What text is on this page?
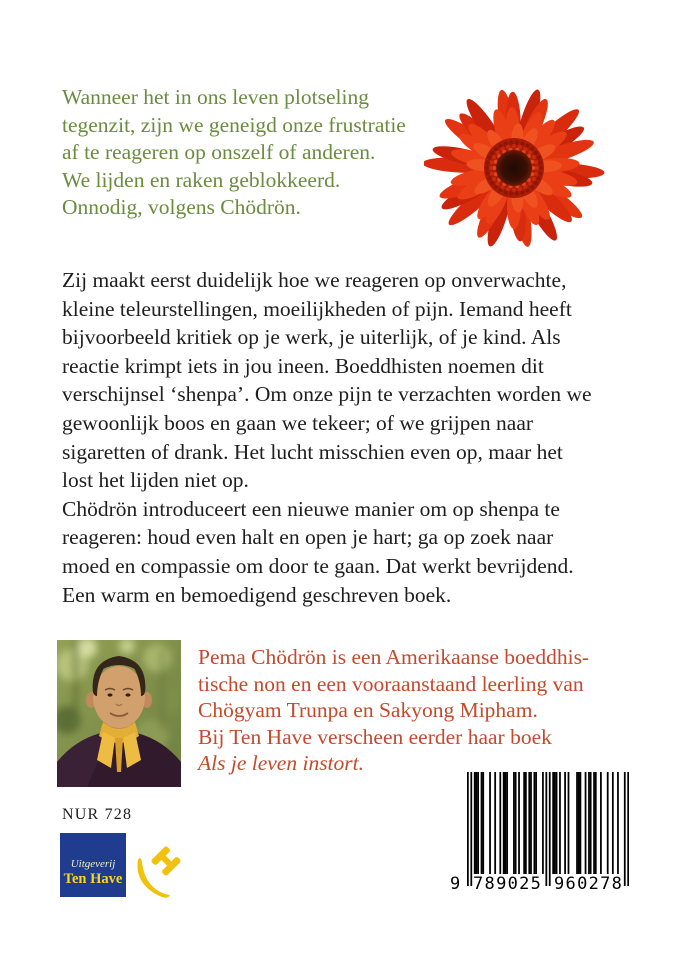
Wanneer het in ons leven plotseling
tegenzit, zijn we geneigd onze frustratie
af te reageren op onszelf of anderen.
We lijden en raken geblokkeerd.
Onnodig, volgens Chödrön.
Zij maakt eerst duidelijk hoe we reageren op onverwachte,
kleine teleurstellingen, moeilijkheden of pijn. Iemand heeft
bijvoorbeeld kritiek op je werk, je uiterlijk, of je kind. Als
reactie krimpt iets in jou ineen. Boeddhisten noemen dit
verschijnsel ‘shenpa’. Om onze pijn te verzachten worden we
gewoonlijk boos en gaan we tekeer; of we grijpen naar
sigaretten of drank. Het lucht misschien even op, maar het
lost het lijden niet op.
Chödrön introduceert een nieuwe manier om op shenpa te
reageren: houd even halt en open je hart; ga op zoek naar
moed en compassie om door te gaan. Dat werkt bevrijdend.
Een warm en bemoedigend geschreven boek.
Pema Chödrön is een Amerikaanse boeddhis-
tische non en een vooraanstaand leerling van
Chögyam Trunpa en Sakyong Mipham.
Bij Ten Have verscheen eerder haar boek
Als je leven instort.
NUR 728
Uitgeverij
Ten Have	9 789025 960278
